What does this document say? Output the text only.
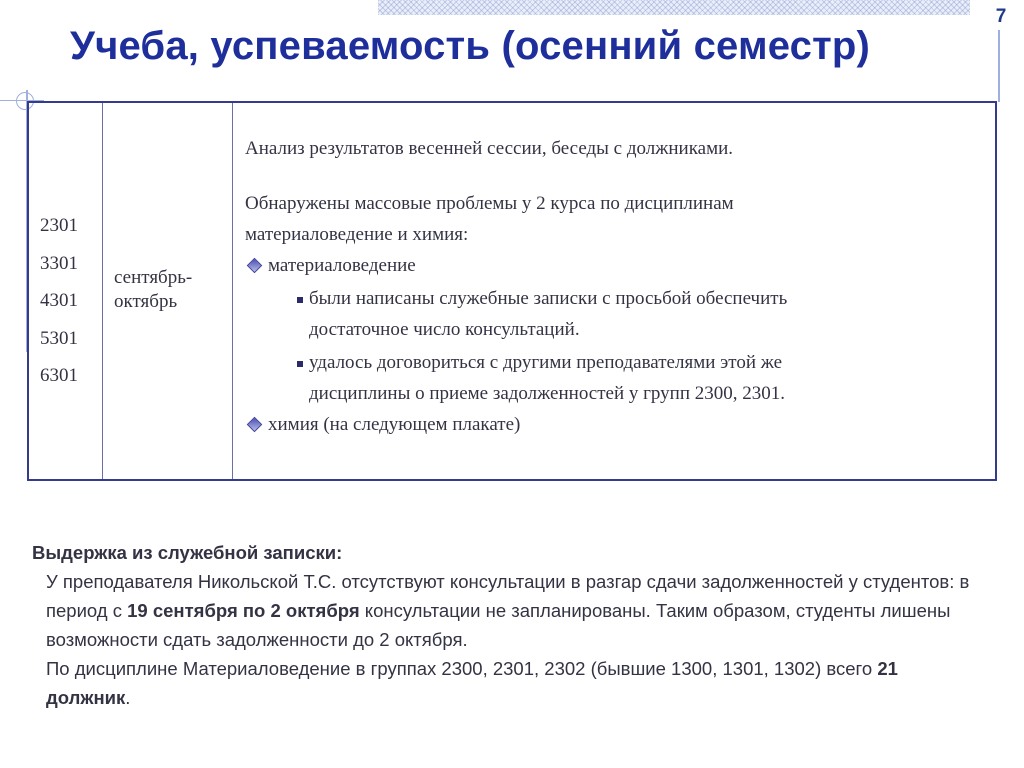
7
Учеба, успеваемость (осенний семестр)
2301
3301
4301
5301
6301
сентябрь-
октябрь

Анализ результатов весенней сессии, беседы с должниками.

Обнаружены массовые проблемы у 2 курса по дисциплинам

материаловедение и химия:

материаловедение
были написаны служебные записки с просьбой обеспечить
достаточное число консультаций.
удалось договориться с другими преподавателями этой же
дисциплины о приеме задолженностей у групп 2300, 2301.
химия (на следующем плакате)
Выдержка из служебной записки:
У преподавателя Никольской Т.С. отсутствуют консультации в разгар сдачи задолженностей у студентов: в период с 19 сентября по 2 октября консультации не запланированы. Таким образом, студенты лишены возможности сдать задолженности до 2 октября.
По дисциплине Материаловедение в группах 2300, 2301, 2302 (бывшие 1300, 1301, 1302) всего 21 должник.
